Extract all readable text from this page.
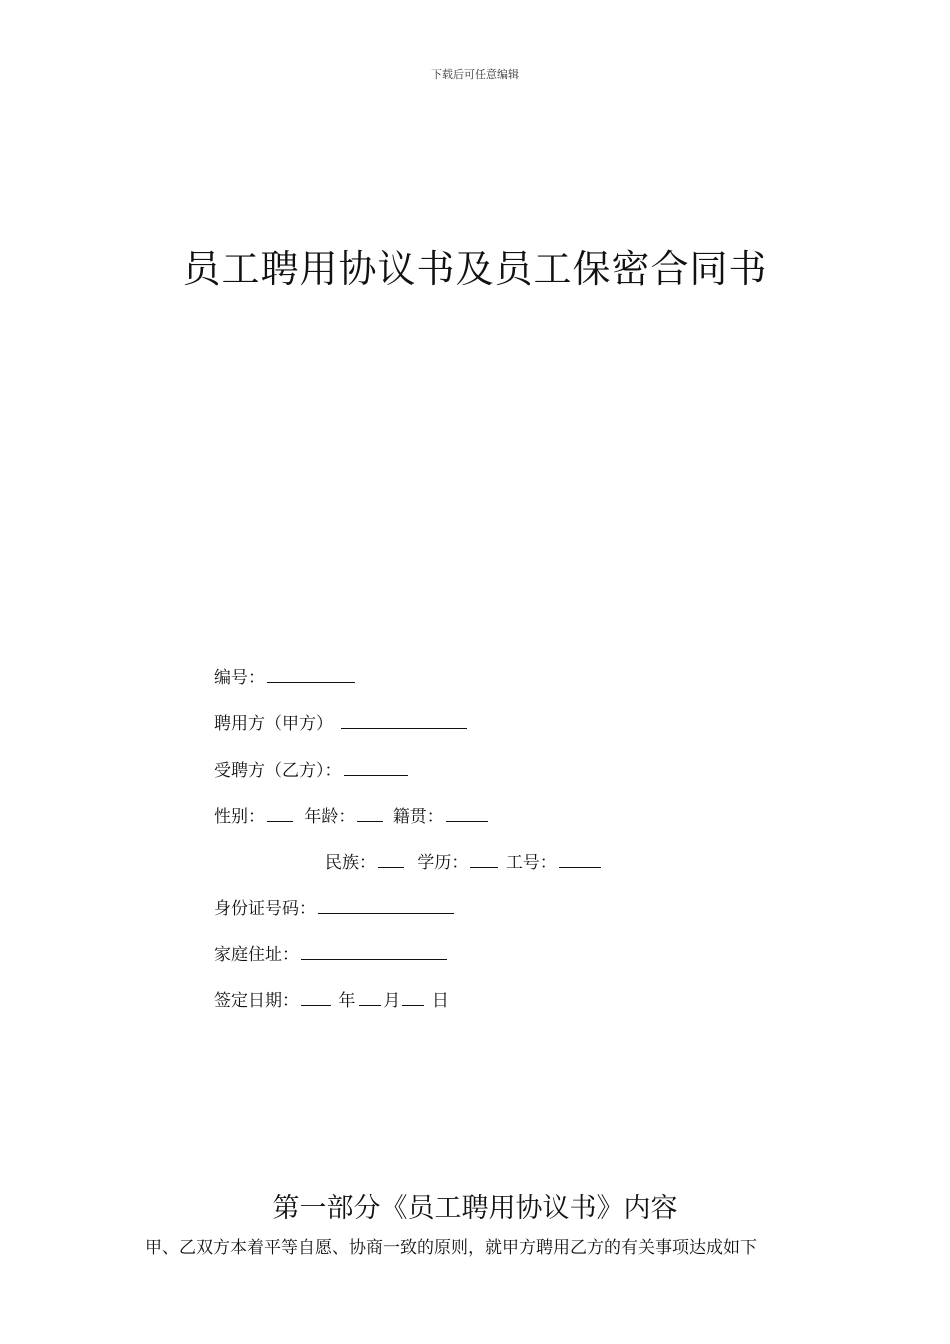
下载后可任意编辑
员工聘用协议书及员工保密合同书
编号：
聘用方（甲方）
受聘方（乙方）：
性别： 年龄： 籍贯：
民族： 学历： 工号：
身份证号码：
家庭住址：
签定日期： 年 月 日
第一部分《员工聘用协议书》内容
甲、乙双方本着平等自愿、协商一致的原则，就甲方聘用乙方的有关事项达成如下
